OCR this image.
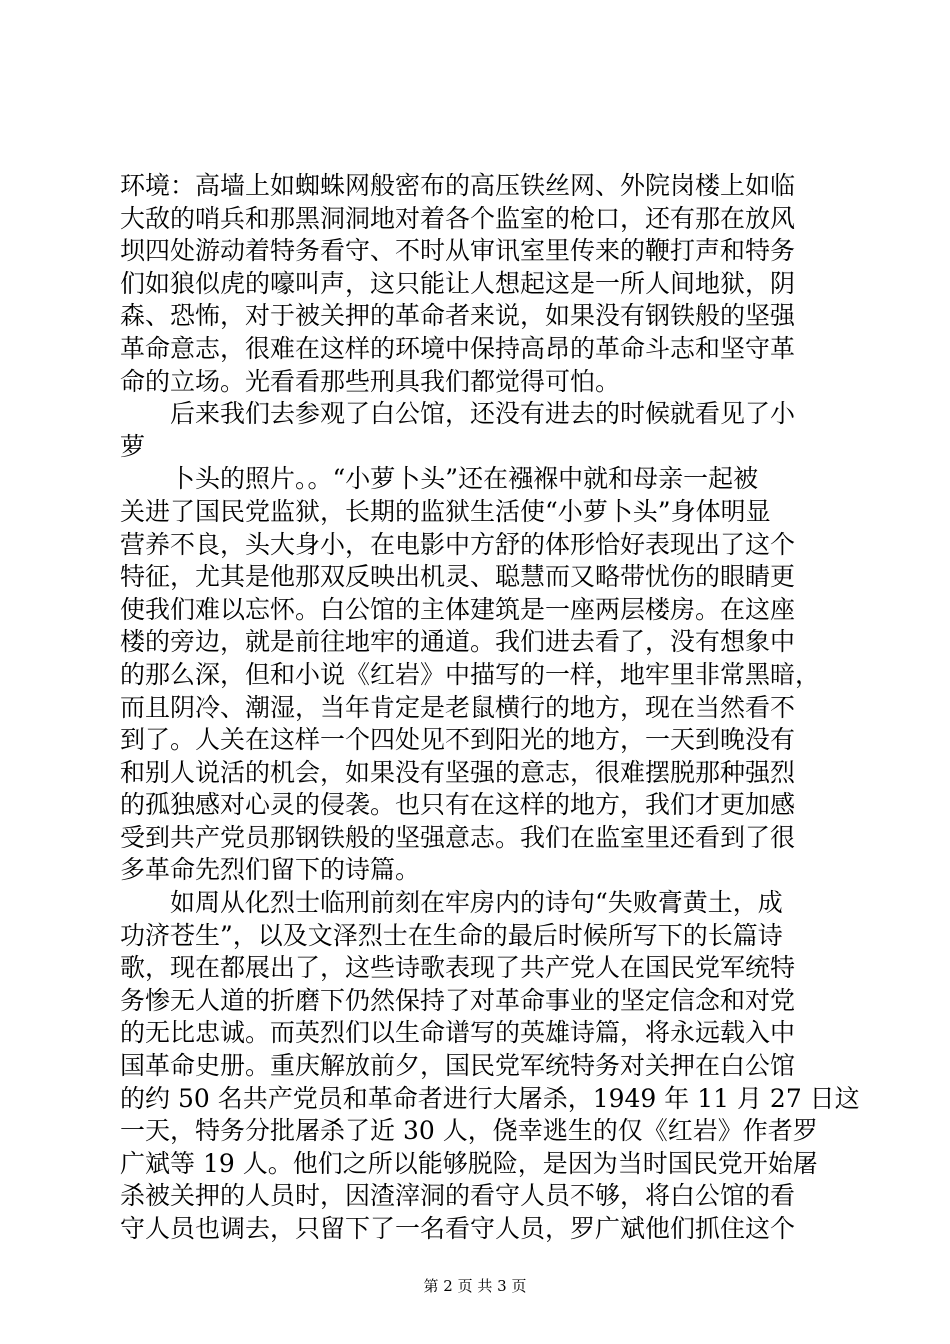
环境：高墙上如蜘蛛网般密布的高压铁丝网、外院岗楼上如临
大敌的哨兵和那黑洞洞地对着各个监室的枪口，还有那在放风
坝四处游动着特务看守、不时从审讯室里传来的鞭打声和特务
们如狼似虎的嚎叫声，这只能让人想起这是一所人间地狱，阴
森、恐怖，对于被关押的革命者来说，如果没有钢铁般的坚强
革命意志，很难在这样的环境中保持高昂的革命斗志和坚守革
命的立场。光看看那些刑具我们都觉得可怕。
后来我们去参观了白公馆，还没有进去的时候就看见了小
萝
卜头的照片。。“小萝卜头”还在襁褓中就和母亲一起被
关进了国民党监狱，长期的监狱生活使“小萝卜头”身体明显
营养不良，头大身小，在电影中方舒的体形恰好表现出了这个
特征，尤其是他那双反映出机灵、聪慧而又略带忧伤的眼睛更
使我们难以忘怀。白公馆的主体建筑是一座两层楼房。在这座
楼的旁边，就是前往地牢的通道。我们进去看了，没有想象中
的那么深，但和小说《红岩》中描写的一样，地牢里非常黑暗，
而且阴冷、潮湿，当年肯定是老鼠横行的地方，现在当然看不
到了。人关在这样一个四处见不到阳光的地方，一天到晚没有
和别人说活的机会，如果没有坚强的意志，很难摆脱那种强烈
的孤独感对心灵的侵袭。也只有在这样的地方，我们才更加感
受到共产党员那钢铁般的坚强意志。我们在监室里还看到了很
多革命先烈们留下的诗篇。
如周从化烈士临刑前刻在牢房内的诗句“失败膏黄土，成
功济苍生”，以及文泽烈士在生命的最后时候所写下的长篇诗
歌，现在都展出了，这些诗歌表现了共产党人在国民党军统特
务惨无人道的折磨下仍然保持了对革命事业的坚定信念和对党
的无比忠诚。而英烈们以生命谱写的英雄诗篇，将永远载入中
国革命史册。重庆解放前夕，国民党军统特务对关押在白公馆
的约 50 名共产党员和革命者进行大屠杀，1949 年 11 月 27 日这
一天，特务分批屠杀了近 30 人，侥幸逃生的仅《红岩》作者罗
广斌等 19 人。他们之所以能够脱险，是因为当时国民党开始屠
杀被关押的人员时，因渣滓洞的看守人员不够，将白公馆的看
守人员也调去，只留下了一名看守人员，罗广斌他们抓住这个
第 2 页 共 3 页
